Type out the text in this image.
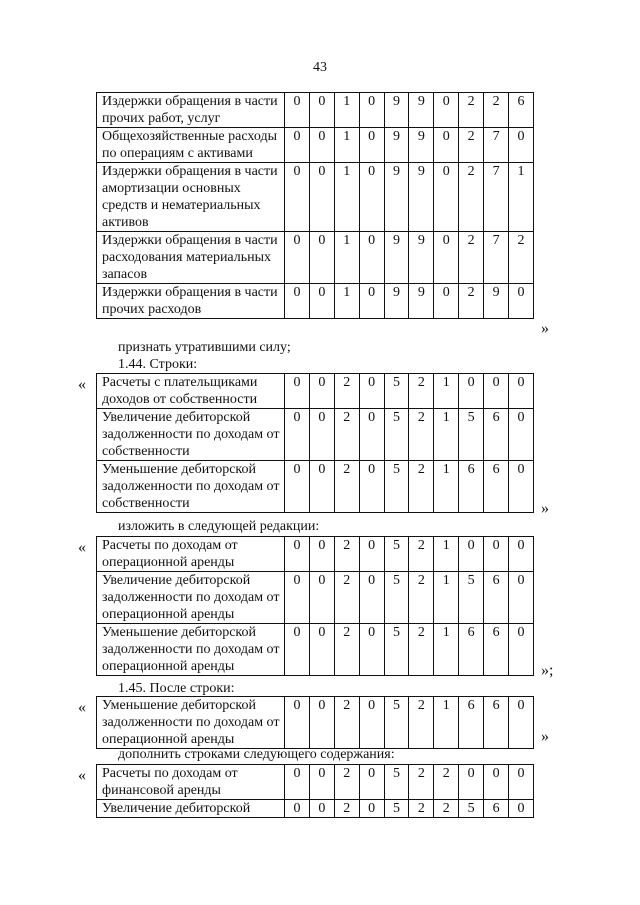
43
Издержки обращения в части прочих работ, услуг	0	0	1	0	9	9	0	2	2	6
Общехозяйственные расходы по операциям с активами	0	0	1	0	9	9	0	2	7	0
Издержки обращения в части амортизации основных средств и нематериальных активов	0	0	1	0	9	9	0	2	7	1
Издержки обращения в части расходования материальных запасов	0	0	1	0	9	9	0	2	7	2
Издержки обращения в части прочих расходов	0	0	1	0	9	9	0	2	9	0
»
признать утратившими силу;
1.44. Строки:
« Расчеты с плательщиками доходов от собственности	0	0	2	0	5	2	1	0	0	0
Увеличение дебиторской задолженности по доходам от собственности	0	0	2	0	5	2	1	5	6	0
Уменьшение дебиторской задолженности по доходам от собственности	0	0	2	0	5	2	1	6	6	0
»
изложить в следующей редакции:
« Расчеты по доходам от операционной аренды	0	0	2	0	5	2	1	0	0	0
Увеличение дебиторской задолженности по доходам от операционной аренды	0	0	2	0	5	2	1	5	6	0
Уменьшение дебиторской задолженности по доходам от операционной аренды	0	0	2	0	5	2	1	6	6	0
»;
1.45. После строки:
« Уменьшение дебиторской задолженности по доходам от операционной аренды	0	0	2	0	5	2	1	6	6	0
»
дополнить строками следующего содержания:
« Расчеты по доходам от финансовой аренды	0	0	2	0	5	2	2	0	0	0
Увеличение дебиторской	0	0	2	0	5	2	2	5	6	0
